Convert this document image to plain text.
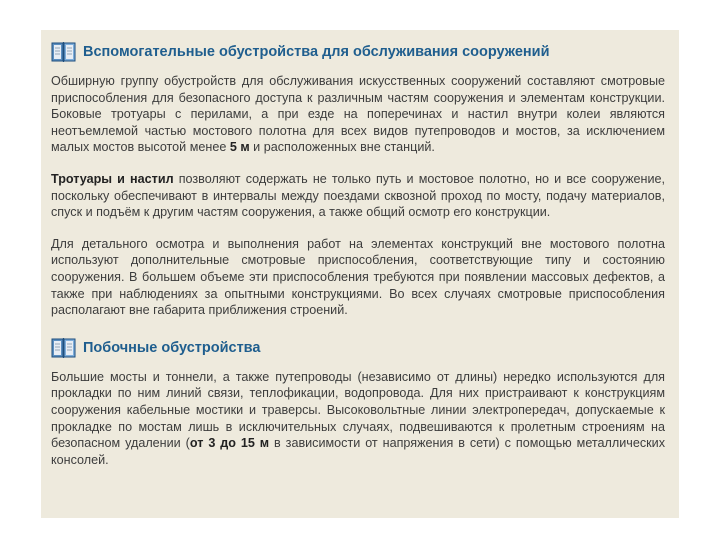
Вспомогательные обустройства для обслуживания сооружений

Обширную группу обустройств для обслуживания искусственных сооружений составляют смотровые приспособления для безопасного доступа к различным частям сооружения и элементам конструкции. Боковые тротуары с перилами, а при езде на поперечинах и настил внутри колеи являются неотъемлемой частью мостового полотна для всех видов путепроводов и мостов, за исключением малых мостов высотой менее 5 м и расположенных вне станций.

Тротуары и настил позволяют содержать не только путь и мостовое полотно, но и все сооружение, поскольку обеспечивают в интервалы между поездами сквозной проход по мосту, подачу материалов, спуск и подъём к другим частям сооружения, а также общий осмотр его конструкции.

Для детального осмотра и выполнения работ на элементах конструкций вне мостового полотна используют дополнительные смотровые приспособления, соответствующие типу и состоянию сооружения. В большем объеме эти приспособления требуются при появлении массовых дефектов, а также при наблюдениях за опытными конструкциями. Во всех случаях смотровые приспособления располагают вне габарита приближения строений.

Побочные обустройства

Большие мосты и тоннели, а также путепроводы (независимо от длины) нередко используются для прокладки по ним линий связи, теплофикации, водопровода. Для них пристраивают к конструкциям сооружения кабельные мостики и траверсы. Высоковольтные линии электропередач, допускаемые к прокладке по мостам лишь в исключительных случаях, подвешиваются к пролетным строениям на безопасном удалении (от 3 до 15 м в зависимости от напряжения в сети) с помощью металлических консолей.
